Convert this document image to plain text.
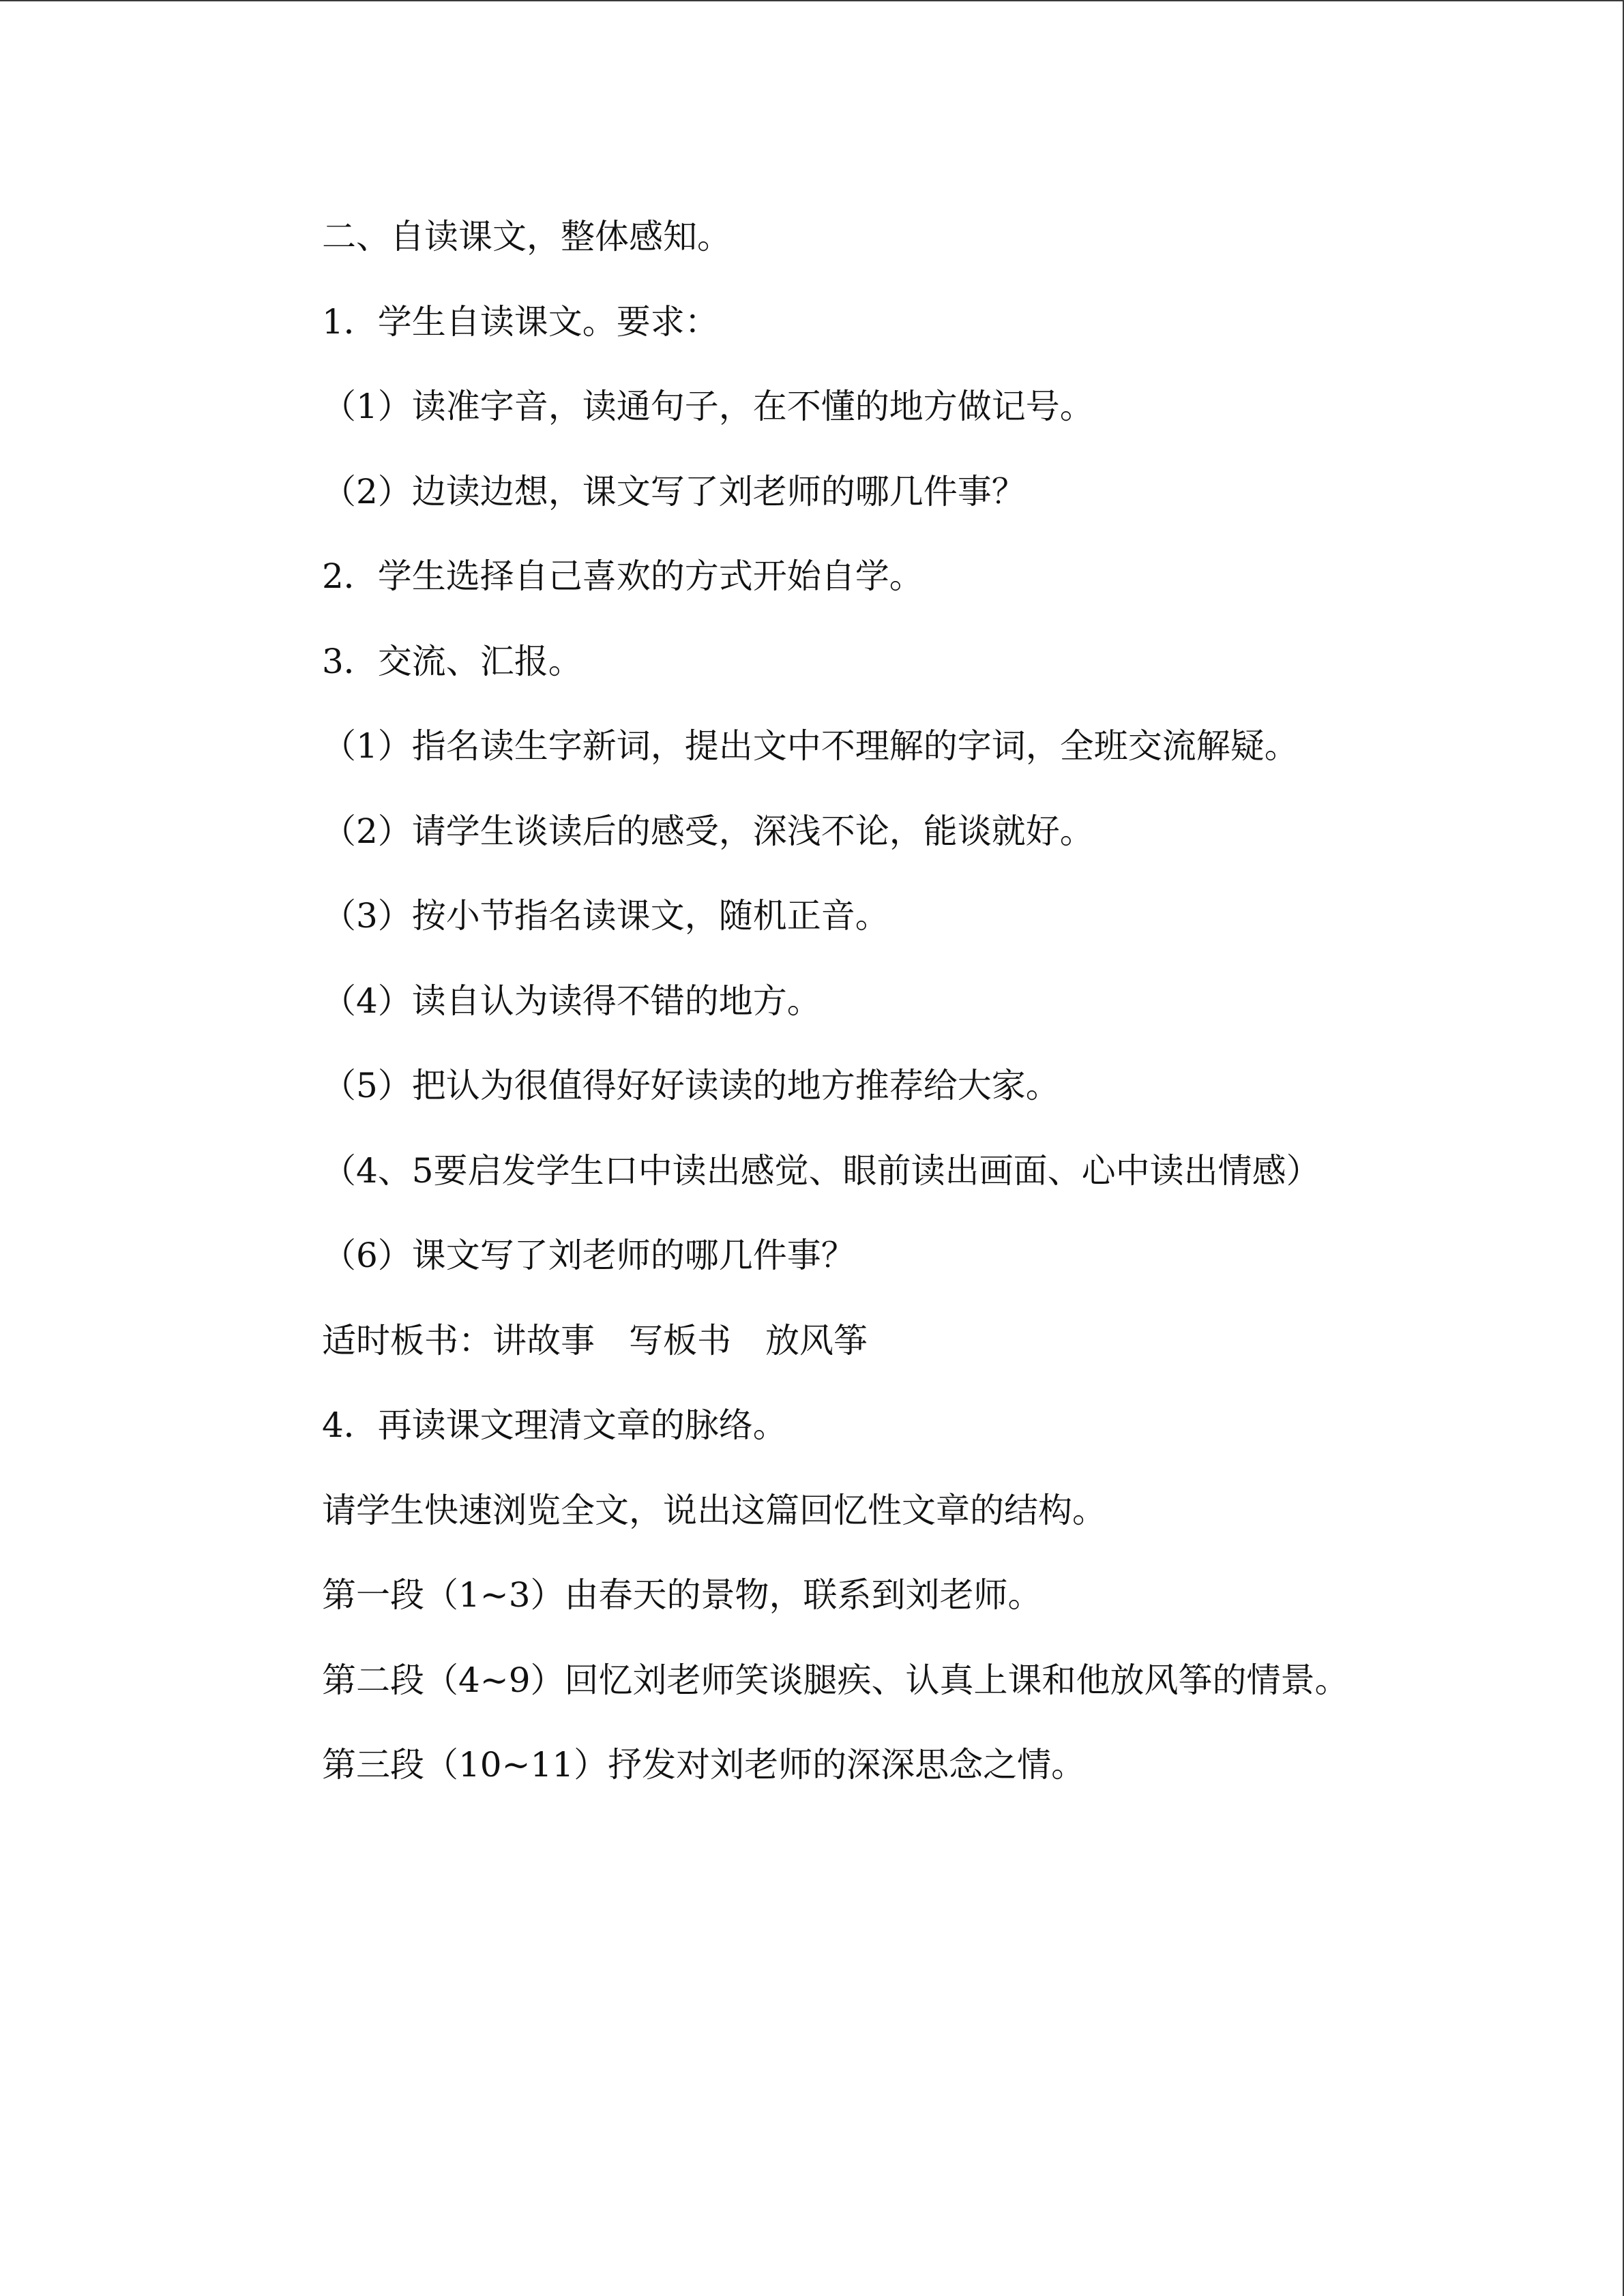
二、自读课文，整体感知。

1．学生自读课文。要求：

（1）读准字音，读通句子，在不懂的地方做记号。

（2）边读边想，课文写了刘老师的哪几件事？

2．学生选择自己喜欢的方式开始自学。

3．交流、汇报。

（1）指名读生字新词，提出文中不理解的字词，全班交流解疑。

（2）请学生谈读后的感受，深浅不论，能谈就好。

（3）按小节指名读课文，随机正音。

（4）读自认为读得不错的地方。

（5）把认为很值得好好读读的地方推荐给大家。

（4、5要启发学生口中读出感觉、眼前读出画面、心中读出情感）

（6）课文写了刘老师的哪几件事？

适时板书：讲故事　写板书　放风筝

4．再读课文理清文章的脉络。

请学生快速浏览全文，说出这篇回忆性文章的结构。

第一段（1~3）由春天的景物，联系到刘老师。

第二段（4~9）回忆刘老师笑谈腿疾、认真上课和他放风筝的情景。

第三段（10~11）抒发对刘老师的深深思念之情。
